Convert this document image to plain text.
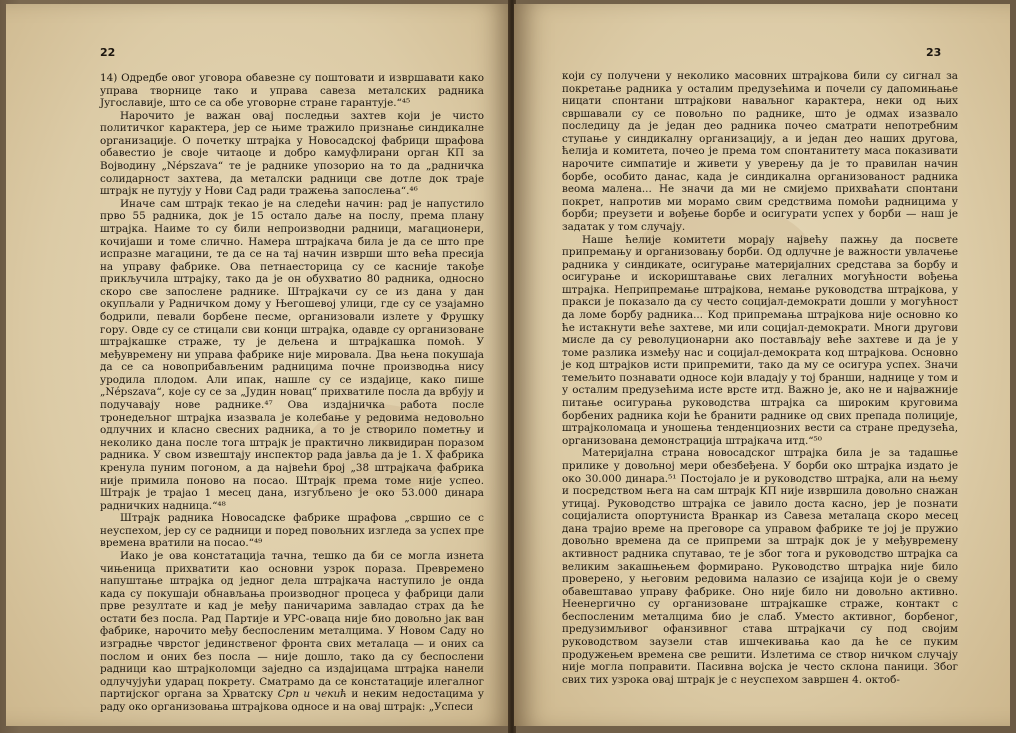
22

14) Одредбе овог уговора обавезне су поштовати и извршавати како управа творнице тако и управа савеза металских радника Југославије, што се са обе уговорне стране гарантује.“⁴⁵

Нарочито је важан овај последњи захтев који је чисто политичког карактера, јер се њиме тражило признање синдикалне организације. О почетку штрајка у Новосадској фабрици шрафова обавестио је своје читаоце и добро камуфлирани орган КП за Војводину „Népszava“ те је раднике упозорио на то да „радничка солидарност захтева, да металски радници све дотле док траје штрајк не путују у Нови Сад ради тражења запослења“.⁴⁶

Иначе сам штрајк текао је на следећи начин: рад је напустило прво 55 радника, док је 15 остало даље на послу, према плану штрајка. Наиме то су били непроизводни радници, магационери, кочијаши и томе слично. Намера штрајкача била је да се што пре испразне магацини, те да се на тај начин изврши што већа пресија на управу фабрике. Ова петнаесторица су се касније такође прикључила штрајку, тако да је он обухватио 80 радника, односно скоро све запослене раднике. Штрајкачи су се из дана у дан окупљали у Радничком дому у Његошевој улици, где су се узајамно бодрили, певали борбене песме, организовали излете у Фрушку гору. Овде су се стицали сви конци штрајка, одавде су организоване штрајкашке страже, ту је дељена и штрајкашка помоћ. У међувремену ни управа фабрике није мировала. Два њена покушаја да се са новоприбављеним радницима почне производња нису уродила плодом. Али ипак, нашле су се издајице, како пише „Népszava“, које су се за „Јудин новац“ прихватиле посла да врбују и подучавају нове раднике.⁴⁷ Ова издајничка работа после тронедељног штрајка изазвала је колебање у редовима недовољно одлучних и класно свесних радника, а то је створило пометњу и неколико дана после тога штрајк је практично ликвидиран поразом радника. У свом извештају инспектор рада јавља да је 1. X фабрика кренула пуним погоном, а да највећи број „38 штрајкача фабрика није примила поново на посао. Штрајк према томе није успео. Штрајк је трајао 1 месец дана, изгубљено је око 53.000 динара радничких надница.“⁴⁸

Штрајк радника Новосадске фабрике шрафова „свршио се с неуспехом, јер су се радници и поред повољних изгледа за успех пре времена вратили на посао.“⁴⁹

Иако је ова констатација тачна, тешко да би се могла изнета чињеница прихватити као основни узрок пораза. Превремено напуштање штрајка од једног дела штрајкача наступило је онда када су покушаји обнављања производног процеса у фабрици дали прве резултате и кад је међу паничарима завладао страх да ће остати без посла. Рад Партије и УРС-оваца није био довољно јак ван фабрике, нарочито међу беспосленим металцима. У Новом Саду но изградње чврстог јединственог фронта свих металаца — и оних са послом и оних без посла — није дошло, тако да су беспослени радници као штрајколомци заједно са издајицама штрајка нанели одлучујући ударац покрету. Сматрамо да се констатације илегалног партијског органа за Хрватску Срп и чекић и неким недостацима у раду око организовања штрајкова односе и на овај штрајк: „Успеси

23

који су получени у неколико масовних штрајкова били су сигнал за покретање радника у осталим предузећима и почели су дапомињање ницати спонтани штрајкови наваљног карактера, неки од њих свршавали су се повољно по раднике, што је одмах изазвало последицу да је један део радника почео сматрати непотребним ступање у синдикалну организацију, а и један део наших другова, ћелија и комитета, почео је према том спонтанитету маса показивати нарочите симпатије и живети у уверењу да је то правилан начин борбе, особито данас, када је синдикална организованост радника веома малена... Не значи да ми не смијемо прихваћати спонтани покрет, напротив ми морамо свим средствима помоћи радницима у борби; преузети и вођење борбе и осигурати успех у борби — наш је задатак у том случају.

Наше ћелије комитети морају највећу пажњу да посвете припремању и организовању борби. Од одлучне је важности увлачење радника у синдикате, осигурање материјалних средстава за борбу и осигурање и искориштавање свих легалних могућности вођења штрајка. Неприпремање штрајкова, немање руководства штрајкова, у пракси је показало да су често социјал-демократи дошли у могућност да ломе борбу радника... Код припремања штрајкова није основно ко ће истакнути веће захтеве, ми или социјал-демократи. Многи другови мисле да су револуционарни ако постављају веће захтеве и да је у томе разлика између нас и социјал-демократа код штрајкова. Основно је код штрајков исти припремити, тако да му се осигура успех. Значи темељито познавати односе који владају у тој бранши, наднице у том и у осталим предузећима исте врсте итд. Важно је, ако не и најважније питање осигурања руководства штрајка са широким круговима борбених радника који ће бранити раднике од свих препада полиције, штрајколомаца и уношења тенденциозних вести са стране предузећа, организована демонстрација штрајкача итд.“⁵⁰

Материјална страна новосадског штрајка била је за тадашње прилике у довољној мери обезбеђена. У борби око штрајка издато је око 30.000 динара.⁵¹ Постојало је и руководство штрајка, али на њему и посредством њега на сам штрајк КП није извршила довољно снажан утицај. Руководство штрајка се јавило доста касно, јер је познати социјалиста опортуниста Вранкар из Савеза металаца скоро месец дана трајио време на преговоре са управом фабрике те јој је пружио довољно времена да се припреми за штрајк док је у међувремену активност радника спутавао, те је због тога и руководство штрајка са великим закашњењем формирано. Руководство штрајка није било проверено, у његовим редовима налазио се изајица који је о свему обавештавао управу фабрике. Оно није било ни довољно активно. Неенергично су организоване штрајкашке страже, контакт с беспосленим металцима био је слаб. Уместо активног, борбеног, предузимљивог офанзивног става штрајкачи су под својим руководством заузели став ишчекивања као да ће се пуким продужењем времена све решити. Излетима се створ ничком случају није могла поправити. Пасивна војска је често склона паници. Због свих тих узрока овај штрајк је с неуспехом завршен 4. октоб-
